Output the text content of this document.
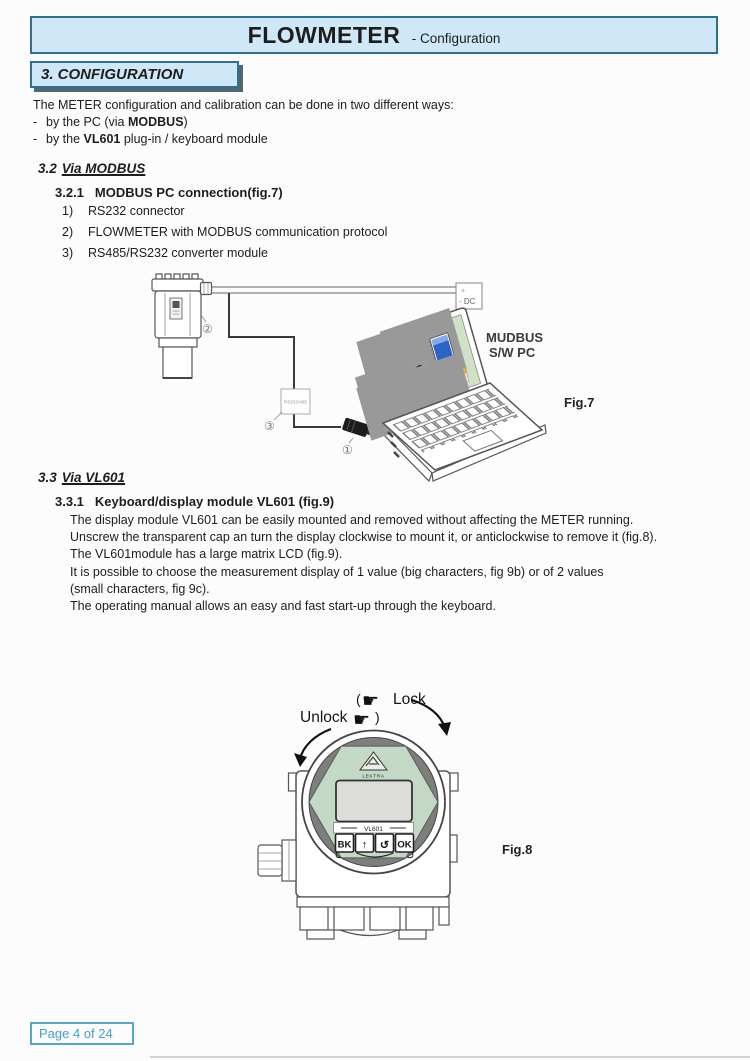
FLOWMETER - Configuration
3. CONFIGURATION
The METER configuration and calibration can be done in two different ways:
- by the PC (via MODBUS)
- by the VL601 plug-in / keyboard module
3.2 Via MODBUS
3.2.1 MODBUS PC connection(fig.7)
1) RS232 connector
2) FLOWMETER with MODBUS communication protocol
3) RS485/RS232 converter module
+
- DC
②
RS232/485
③
①
MUDBUS
S/W PC
Fig.7
3.3 Via VL601
3.3.1 Keyboard/display module VL601 (fig.9)
The display module VL601 can be easily mounted and removed without affecting the METER running.
Unscrew the transparent cap an turn the display clockwise to mount it, or anticlockwise to remove it (fig.8).
The VL601module has a large matrix LCD (fig.9).
It is possible to choose the measurement display of 1 value (big characters, fig 9b) or of 2 values
(small characters, fig 9c).
The operating manual allows an easy and fast start-up through the keyboard.
Unlock ☛ )
( ☛ Lock
LEKTRA
VL601
BK ↑ ↺ OK	Fig.8
Page 4 of 24
